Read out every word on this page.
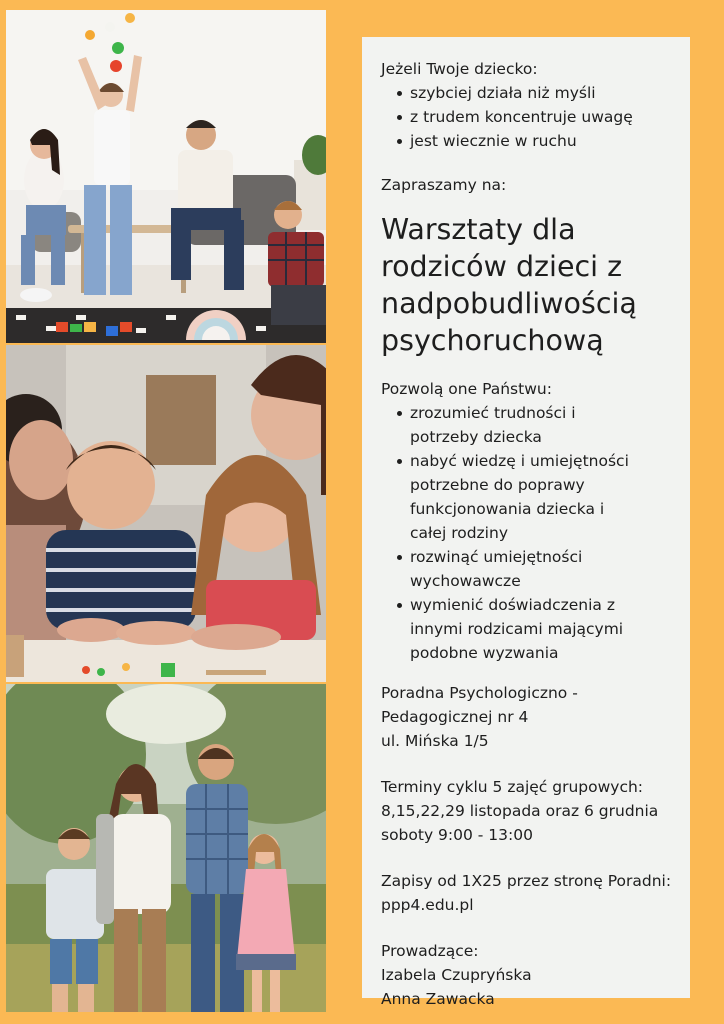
Jeżeli Twoje dziecko:
szybciej działa niż myśli
z trudem koncentruje uwagę
jest wiecznie w ruchu
Zapraszamy na:
Warsztaty dla
rodziców dzieci z
nadpobudliwością
psychoruchową
Pozwolą one Państwu:
zrozumieć trudności i
potrzeby dziecka
nabyć wiedzę i umiejętności
potrzebne do poprawy
funkcjonowania dziecka i
całej rodziny
rozwinąć umiejętności
wychowawcze
wymienić doświadczenia z
innymi rodzicami mającymi
podobne wyzwania
Poradna Psychologiczno -
Pedagogicznej nr 4
ul. Mińska 1/5
Terminy cyklu 5 zajęć grupowych:
8,15,22,29 listopada oraz 6 grudnia
soboty 9:00 - 13:00
Zapisy od 1X25 przez stronę Poradni:
ppp4.edu.pl
Prowadzące:
Izabela Czupryńska
Anna Zawacka
